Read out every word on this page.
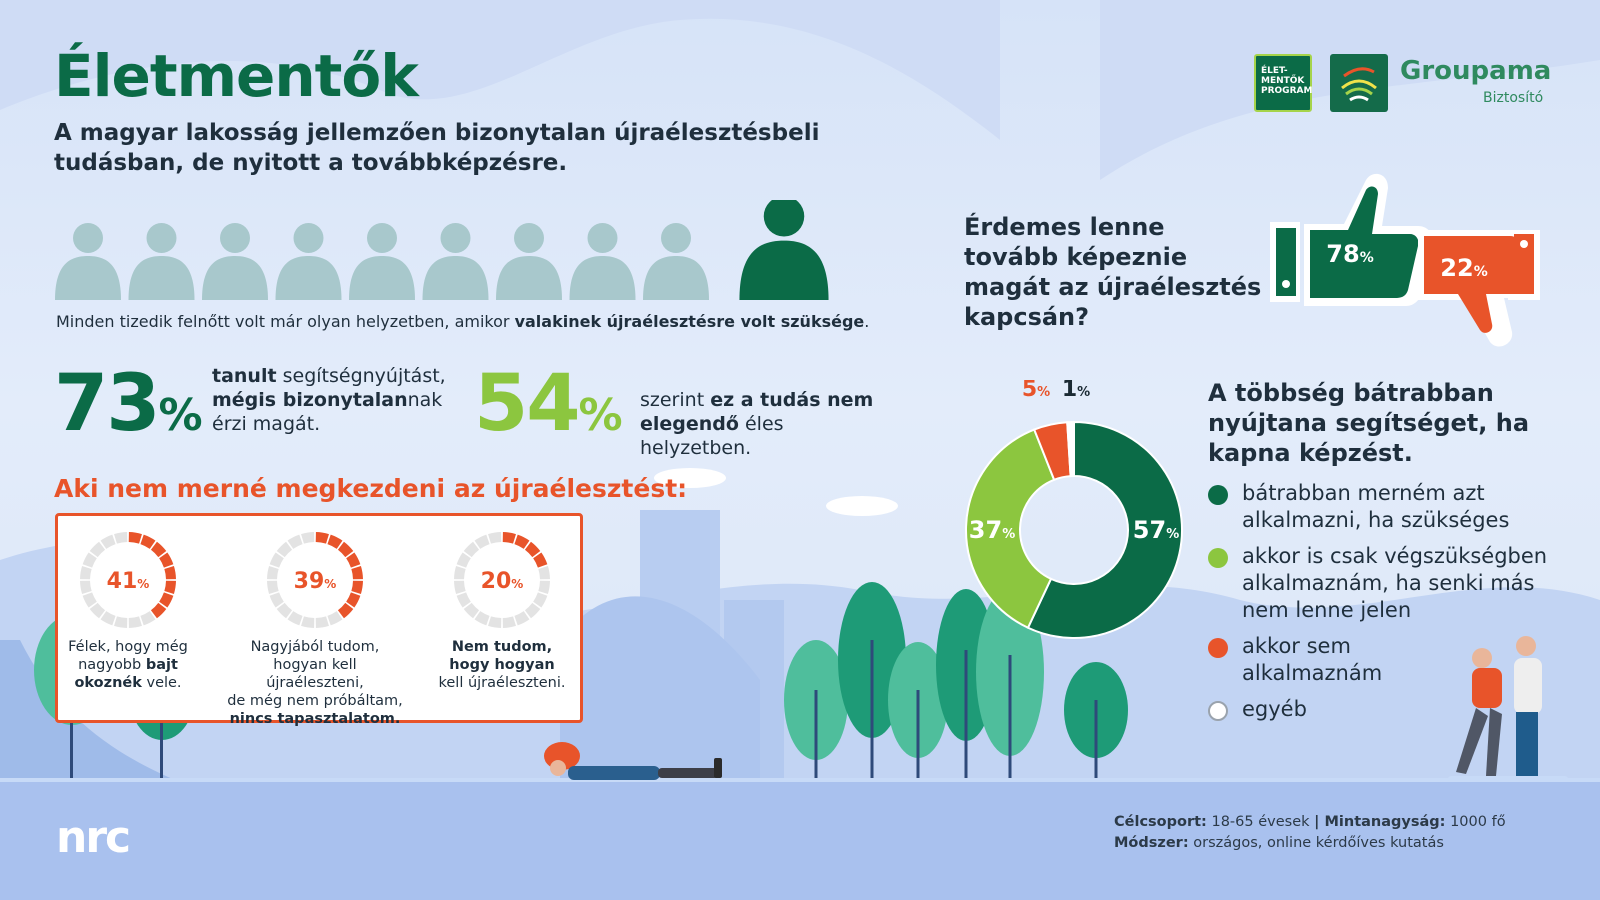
Életmentők
A magyar lakosság jellemzően bizonytalan újraélesztésbeli tudásban, de nyitott a továbbképzésre.
ÉLET-
MENTŐK
PROGRAM
Groupama
Biztosító
Minden tizedik felnőtt volt már olyan helyzetben, amikor valakinek újraélesztésre volt szüksége.
73%
tanult segítségnyújtást,
mégis bizonytalannak
érzi magát.	54% szerint ez a tudás nem
elegendő éles helyzetben.
Aki nem merné megkezdeni az újraélesztést:
41%	39%	20%
Félek, hogy még
nagyobb bajt
okoznék vele.
Nagyjából tudom,
hogyan kell újraéleszteni,
de még nem próbáltam,
nincs tapasztalatom.
Nem tudom,
hogy hogyan
kell újraéleszteni.
Érdemes lenne tovább képeznie magát az újraélesztés kapcsán?
78%	22%
57%
37%
5% 1%	A többség bátrabban nyújtana segítséget, ha kapna képzést.
bátrabban merném azt
alkalmazni, ha szükséges
akkor is csak végszükségben
alkalmaznám, ha senki más
nem lenne jelen
akkor sem
alkalmaznám
egyéb
nrc	Célcsoport: 18-65 évesek | Mintanagyság: 1000 fő
Módszer: országos, online kérdőíves kutatás
